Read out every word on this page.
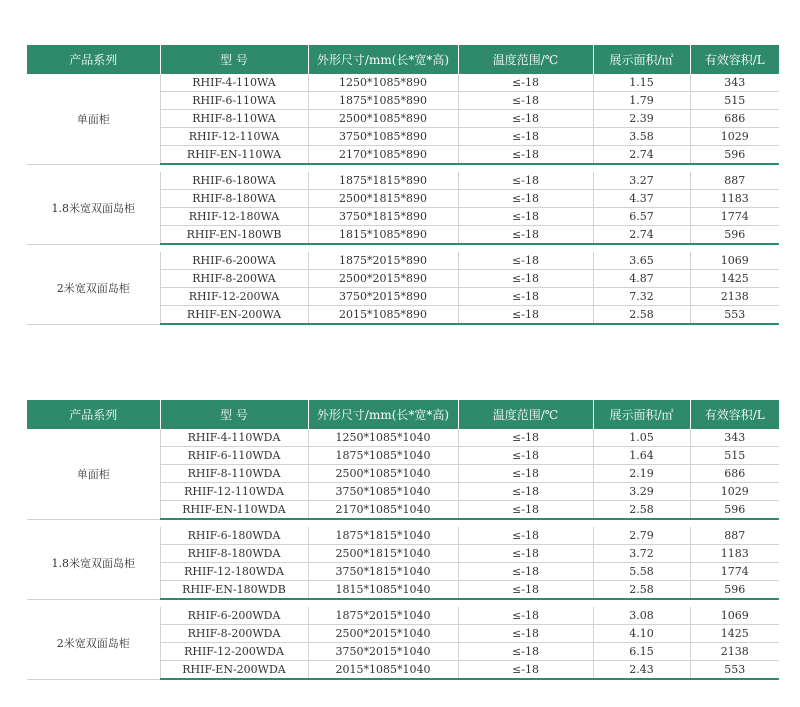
产品系列	型 号	外形尺寸/mm(长*宽*高)	温度范围/℃	展示面积/㎡	有效容积/L
单面柜	RHIF-4-110WA	1250*1085*890	≤-18	1.15	343
	RHIF-6-110WA	1875*1085*890	≤-18	1.79	515
	RHIF-8-110WA	2500*1085*890	≤-18	2.39	686
	RHIF-12-110WA	3750*1085*890	≤-18	3.58	1029
	RHIF-EN-110WA	2170*1085*890	≤-18	2.74	596

1.8米宽双面岛柜	RHIF-6-180WA	1875*1815*890	≤-18	3.27	887
	RHIF-8-180WA	2500*1815*890	≤-18	4.37	1183
	RHIF-12-180WA	3750*1815*890	≤-18	6.57	1774
	RHIF-EN-180WB	1815*1085*890	≤-18	2.74	596

2米宽双面岛柜	RHIF-6-200WA	1875*2015*890	≤-18	3.65	1069
	RHIF-8-200WA	2500*2015*890	≤-18	4.87	1425
	RHIF-12-200WA	3750*2015*890	≤-18	7.32	2138
	RHIF-EN-200WA	2015*1085*890	≤-18	2.58	553
产品系列	型 号	外形尺寸/mm(长*宽*高)	温度范围/℃	展示面积/㎡	有效容积/L
单面柜	RHIF-4-110WDA	1250*1085*1040	≤-18	1.05	343
	RHIF-6-110WDA	1875*1085*1040	≤-18	1.64	515
	RHIF-8-110WDA	2500*1085*1040	≤-18	2.19	686
	RHIF-12-110WDA	3750*1085*1040	≤-18	3.29	1029
	RHIF-EN-110WDA	2170*1085*1040	≤-18	2.58	596

1.8米宽双面岛柜	RHIF-6-180WDA	1875*1815*1040	≤-18	2.79	887
	RHIF-8-180WDA	2500*1815*1040	≤-18	3.72	1183
	RHIF-12-180WDA	3750*1815*1040	≤-18	5.58	1774
	RHIF-EN-180WDB	1815*1085*1040	≤-18	2.58	596

2米宽双面岛柜	RHIF-6-200WDA	1875*2015*1040	≤-18	3.08	1069
	RHIF-8-200WDA	2500*2015*1040	≤-18	4.10	1425
	RHIF-12-200WDA	3750*2015*1040	≤-18	6.15	2138
	RHIF-EN-200WDA	2015*1085*1040	≤-18	2.43	553
